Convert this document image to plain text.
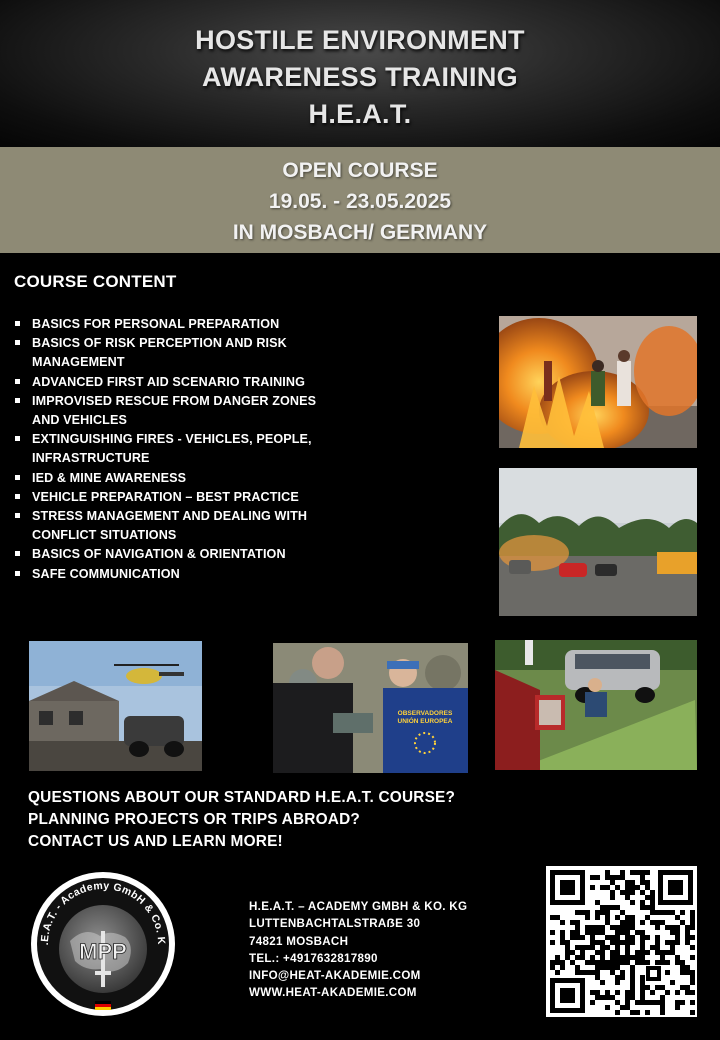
HOSTILE ENVIRONMENT
AWARENESS TRAINING
H.E.A.T.
OPEN COURSE
19.05. - 23.05.2025
IN MOSBACH/ GERMANY
COURSE CONTENT
BASICS FOR PERSONAL PREPARATION
BASICS OF RISK PERCEPTION AND RISK MANAGEMENT
ADVANCED FIRST AID SCENARIO TRAINING
IMPROVISED RESCUE FROM DANGER ZONES AND VEHICLES
EXTINGUISHING FIRES - VEHICLES, PEOPLE, INFRASTRUCTURE
IED & MINE AWARENESS
VEHICLE PREPARATION – BEST PRACTICE
STRESS MANAGEMENT AND DEALING WITH CONFLICT SITUATIONS
BASICS OF NAVIGATION & ORIENTATION
SAFE COMMUNICATION
OBSERVADORES
UNIÓN EUROPEA
QUESTIONS ABOUT OUR STANDARD H.E.A.T. COURSE?
PLANNING PROJECTS OR TRIPS ABROAD?
CONTACT US AND LEARN MORE!
.E.A.T. - Academy GmbH & Co. K
MPP
H.E.A.T. – ACADEMY GMBH & KO. KG
LUTTENBACHTALSTRAẞE 30
74821 MOSBACH
TEL.: +4917632817890
INFO@HEAT-AKADEMIE.COM
WWW.HEAT-AKADEMIE.COM
